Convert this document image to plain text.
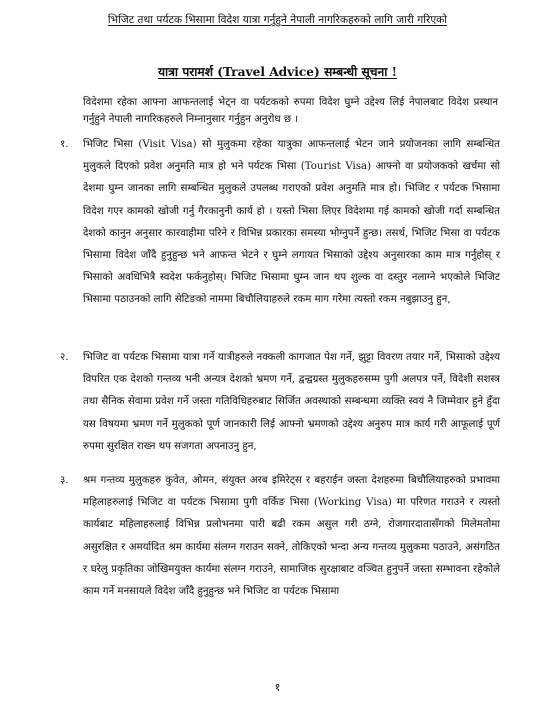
भिजिट तथा पर्यटक भिसामा विदेश यात्रा गर्नुहुने नेपाली नागरिकहरुको लागि जारी गरिएको

यात्रा परामर्श (Travel Advice) सम्बन्धी सूचना !

विदेशमा रहेका आफ्ना आफन्तलाई भेट्न वा पर्यटकको रुपमा विदेश घुम्ने उद्देश्य लिई नेपालबाट विदेश प्रस्थान गर्नुहुने नेपाली नागरिकहरुले निम्नानुसार गर्नुहुन अनुरोध छ ।

१. भिजिट भिसा (Visit Visa) सो मुलुकमा रहेका यात्रुका आफन्तलाई भेटन जाने प्रयोजनका लागि सम्बन्धित मुलुकले दिएको प्रवेश अनुमति मात्र हो भने पर्यटक भिसा (Tourist Visa) आफ्नो वा प्रयोजकको खर्चमा सो देशमा घुम्न जानका लागि सम्बन्धित मुलुकले उपलब्ध गराएको प्रवेश अनुमति मात्र हो। भिजिट र पर्यटक भिसामा विदेश गएर कामको खोजी गर्नु गैरकानुनी कार्य हो । यस्तो भिसा लिएर विदेशमा गई कामको खोजी गर्दा सम्बन्धित देशको कानुन अनुसार कारवाहीमा परिने र विभिन्न प्रकारका समस्या भोग्नुपर्ने हुन्छ। तसर्थ, भिजिट भिसा वा पर्यटक भिसामा विदेश जाँदै हुनुहुन्छ भने आफन्त भेटने र घुम्ने लगायत भिसाको उद्देश्य अनुसारका काम मात्र गर्नुहोस् र भिसाको अवधिभित्रै स्वदेश फर्कनुहोस्। भिजिट भिसामा घुम्न जान थप शुल्क वा दस्तुर नलाग्ने भएकोले भिजिट भिसामा पठाउनको लागि सेटिङको नाममा बिचौलियाहरुले रकम माग गरेमा त्यस्तो रकम नबुझाउनु हुन,
२. भिजिट वा पर्यटक भिसामा यात्रा गर्ने यात्रीहरुले नक्कली कागजात पेश गर्ने, झुट्टा विवरण तयार गर्ने, भिसाको उद्देश्य विपरित एक देशको गन्तव्य भनी अन्यत्र देशको भ्रमण गर्ने, द्वन्द्वग्रस्त मुलुकहरुसम्म पुगी अलपत्र पर्ने, विदेशी सशस्त्र तथा सैनिक सेवामा प्रवेश गर्ने जस्ता गतिविधिहरुबाट सिर्जित अवस्थाको सम्बन्धमा व्यक्ति स्वयं नै जिम्मेवार हुने हुँदा यस विषयमा भ्रमण गर्ने मुलुकको पूर्ण जानकारी लिई आफ्नो भ्रमणको उद्देश्य अनुरुप मात्र कार्य गरी आफूलाई पूर्ण रुपमा सुरक्षित राख्न थप सजगता अपनाउनु हुन,
३. श्रम गन्तव्य मुलुकहरु कुवेत, ओमन, संयुक्त अरब इमिरेट्स र बहराईन जस्ता देशहरुमा बिचौलियाहरुको प्रभावमा महिलाहरुलाई भिजिट वा पर्यटक भिसामा पुगी वर्किङ भिसा (Working Visa) मा परिणत गराउने र त्यस्तो कार्यबाट महिलाहरुलाई विभिन्न प्रलोभनमा पारी बढी रकम असुल गरी ठग्ने, रोजगारदातासँगको मिलेमतोमा असुरक्षित र अमर्यादित श्रम कार्यमा संलग्न गराउन सक्ने, तोकिएको भन्दा अन्य गन्तव्य मुलुकमा पठाउने, असंगठित र घरेलु प्रकृतिका जोखिमयुक्त कार्यमा संलग्न गराउने, सामाजिक सुरक्षाबाट वञ्चित हुनुपर्ने जस्ता सम्भावना रहेकोले काम गर्ने मनसायले विदेश जाँदै हुनुहुन्छ भने भिजिट वा पर्यटक भिसामा

१
